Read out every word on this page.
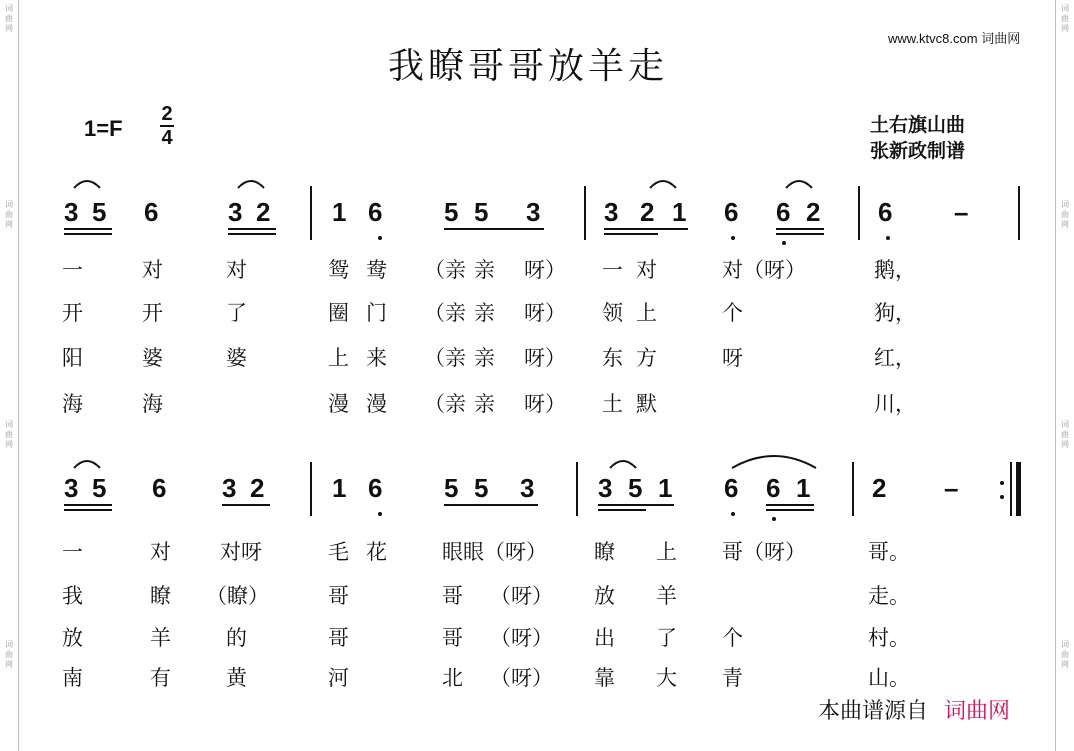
词曲网
词曲网
词曲网
词曲网
词曲网
词曲网
词曲网
词曲网
我瞭哥哥放羊走
www.ktvc8.com 词曲网
1=F
2
4
土右旗山曲
张新政制谱
3 5 6	3 2 1 6 5 5 3 3 2 1 6 6 2 6 –
一	对	对	鸳 鸯 （亲 亲 呀） 一 对	对（呀）	鹅，
开	开	了	圈 门 （亲 亲 呀） 领 上	个	狗，
阳	婆	婆	上 来 （亲 亲 呀） 东 方	呀	红，
海	海	漫 漫 （亲 亲 呀） 土 默	川，
3 5 6 3 2	1 6 5 5 3 3 5 1 6 6 1 2 –
一	对 对呀	毛 花	眼眼（呀） 瞭 上 哥（呀）	哥。
我	瞭 （瞭）	哥	哥 （呀） 放 羊	走。
放	羊	的	哥	哥 （呀） 出 了 个	村。
南	有	黄	河	北 （呀） 靠 大 青	山。
本曲谱源自 词曲网
